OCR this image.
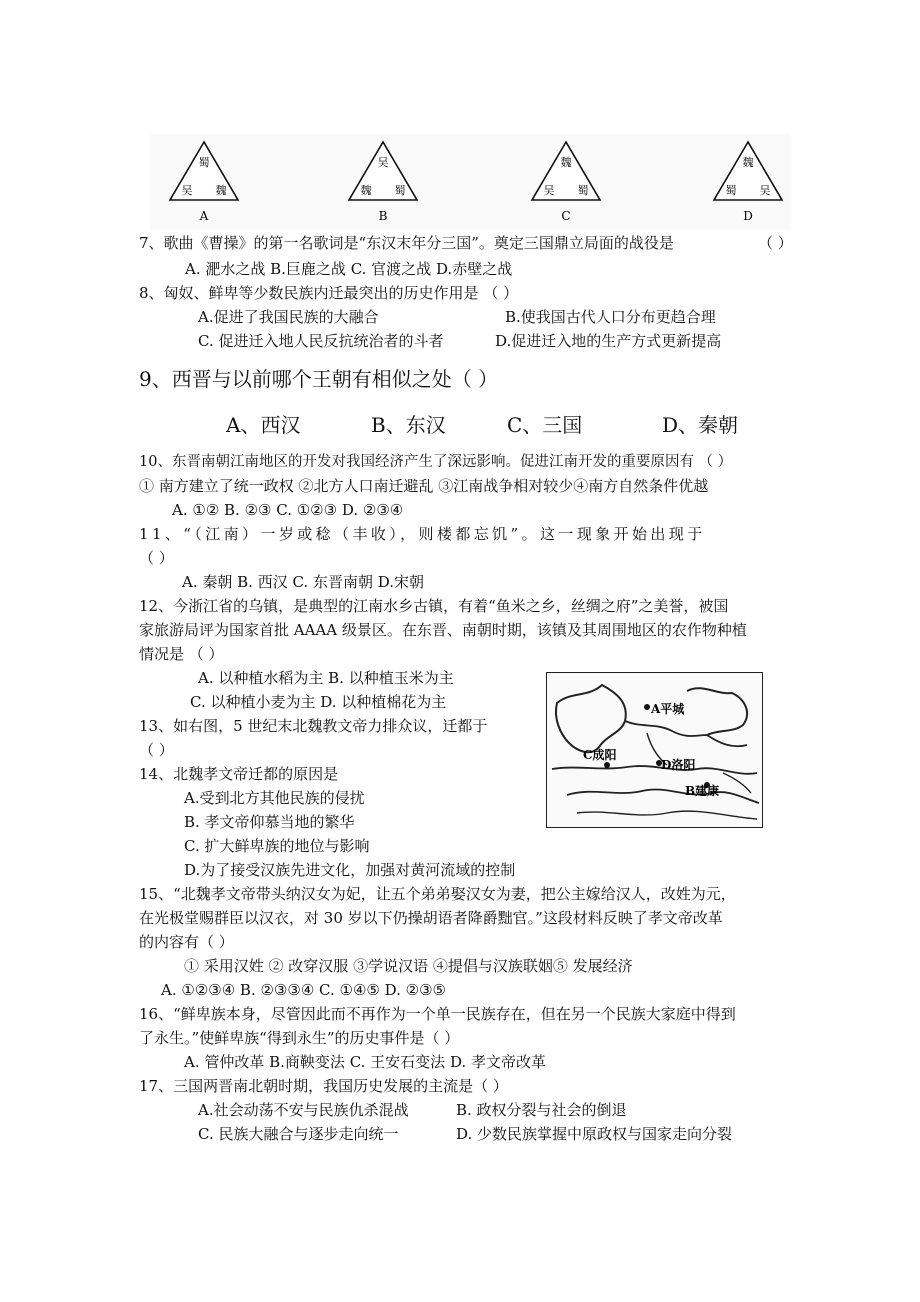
蜀
吴 魏
A
吴
魏 蜀
B
魏
吴 蜀
C
魏
蜀 吴
D
7、歌曲《曹操》的第一名歌词是“东汉末年分三国”。奠定三国鼎立局面的战役是	（ ）
A. 淝水之战 B.巨鹿之战 C. 官渡之战 D.赤壁之战
8、匈奴、鲜卑等少数民族内迁最突出的历史作用是 （ ）
A.促进了我国民族的大融合	B.使我国古代人口分布更趋合理
C. 促进迁入地人民反抗统治者的斗者	D.促进迁入地的生产方式更新提高
9、西晋与以前哪个王朝有相似之处（ ）
A、西汉	B、东汉	C、三国	D、秦朝
10、东晋南朝江南地区的开发对我国经济产生了深远影响。促进江南开发的重要原因有 （ ）
① 南方建立了统一政权 ②北方人口南迁避乱 ③江南战争相对较少④南方自然条件优越
A. ①② B. ②③ C. ①②③ D. ②③④
11、“（江南）一岁或稔（丰收），则楼都忘饥”。这一现象开始出现于
（ ）
A. 秦朝 B. 西汉 C. 东晋南朝 D.宋朝
12、今浙江省的乌镇，是典型的江南水乡古镇，有着“鱼米之乡，丝绸之府”之美誉，被国
家旅游局评为国家首批 AAAA 级景区。在东晋、南朝时期，该镇及其周围地区的农作物种植
情况是 （ ）
A. 以种植水稻为主 B. 以种植玉米为主
C. 以种植小麦为主 D. 以种植棉花为主
13、如右图，5 世纪末北魏教文帝力排众议，迁都于
（ ）
A平城
C成阳
D洛阳
B建康
14、北魏孝文帝迁都的原因是
A.受到北方其他民族的侵扰
B. 孝文帝仰慕当地的繁华
C. 扩大鲜卑族的地位与影响
D.为了接受汉族先进文化，加强对黄河流域的控制
15、“北魏孝文帝带头纳汉女为妃，让五个弟弟娶汉女为妻，把公主嫁给汉人，改姓为元，
在光极堂赐群臣以汉衣，对 30 岁以下仍操胡语者降爵黜官。”这段材料反映了孝文帝改革
的内容有（ ）
① 采用汉姓 ② 改穿汉服 ③学说汉语 ④提倡与汉族联姻⑤ 发展经济
A. ①②③④ B. ②③③④ C. ①④⑤ D. ②③⑤
16、“鲜卑族本身，尽管因此而不再作为一个单一民族存在，但在另一个民族大家庭中得到
了永生。”使鲜卑族“得到永生”的历史事件是（ ）
A. 管仲改革 B.商鞅变法 C. 王安石变法 D. 孝文帝改革
17、三国两晋南北朝时期，我国历史发展的主流是（ ）
A.社会动荡不安与民族仇杀混战	B. 政权分裂与社会的倒退
C. 民族大融合与逐步走向统一	D. 少数民族掌握中原政权与国家走向分裂
